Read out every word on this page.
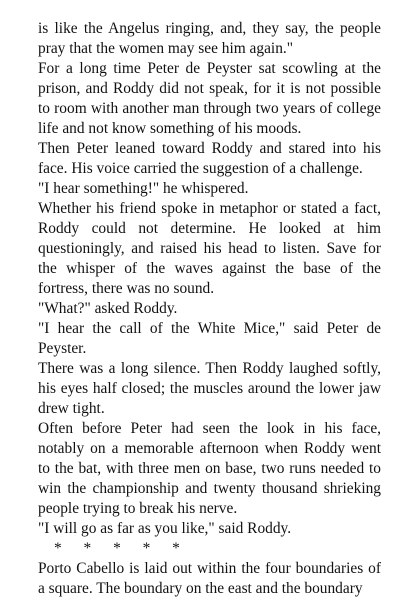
is like the Angelus ringing, and, they say, the people pray that the women may see him again."

For a long time Peter de Peyster sat scowling at the prison, and Roddy did not speak, for it is not possible to room with another man through two years of college life and not know something of his moods.

Then Peter leaned toward Roddy and stared into his face. His voice carried the suggestion of a challenge.

"I hear something!" he whispered.

Whether his friend spoke in metaphor or stated a fact, Roddy could not determine. He looked at him questioningly, and raised his head to listen. Save for the whisper of the waves against the base of the fortress, there was no sound.

"What?" asked Roddy.

"I hear the call of the White Mice," said Peter de Peyster.

There was a long silence. Then Roddy laughed softly, his eyes half closed; the muscles around the lower jaw drew tight.

Often before Peter had seen the look in his face, notably on a memorable afternoon when Roddy went to the bat, with three men on base, two runs needed to win the championship and twenty thousand shrieking people trying to break his nerve.

"I will go as far as you like," said Roddy.

* * * * *

Porto Cabello is laid out within the four boundaries of a square. The boundary on the east and the boundary
